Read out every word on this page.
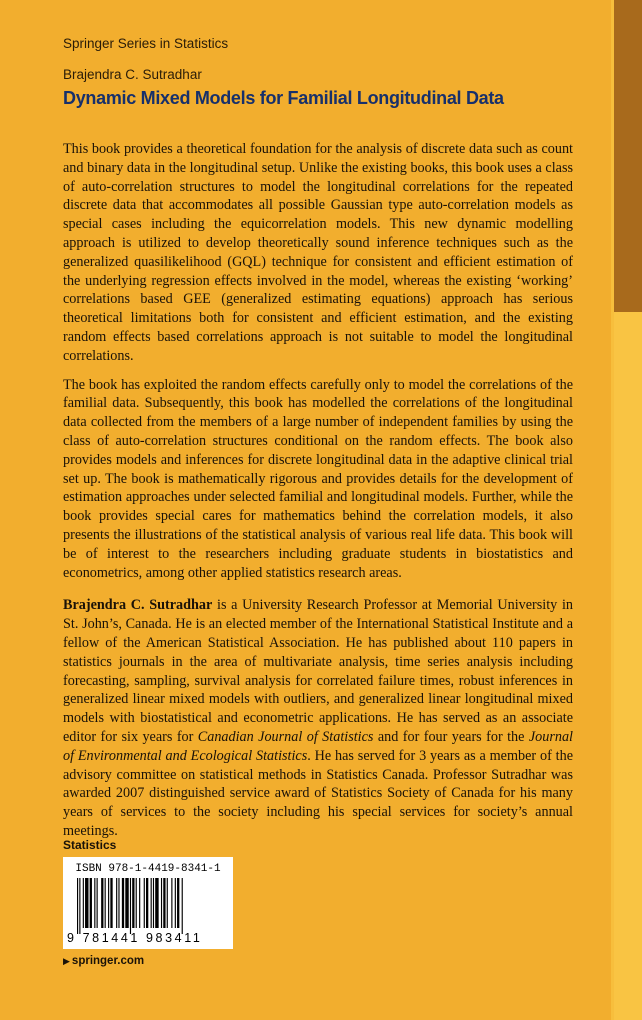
Springer Series in Statistics
Brajendra C. Sutradhar
Dynamic Mixed Models for Familial Longitudinal Data

This book provides a theoretical foundation for the analysis of discrete data such as count and binary data in the longitudinal setup. Unlike the existing books, this book uses a class of auto-correlation structures to model the longitudinal correlations for the repeated discrete data that accommodates all possible Gaussian type auto-correlation models as special cases including the equicorrelation models. This new dynamic modelling approach is utilized to develop theoretically sound inference techniques such as the generalized quasilikelihood (GQL) technique for consistent and efficient estimation of the underlying regression effects involved in the model, whereas the existing ‘working’ correlations based GEE (generalized estimating equations) approach has serious theoretical limitations both for consistent and efficient estimation, and the existing random effects based correlations approach is not suitable to model the longitudinal correlations.

The book has exploited the random effects carefully only to model the correlations of the familial data. Subsequently, this book has modelled the correlations of the longitudinal data collected from the members of a large number of independent families by using the class of auto-correlation structures conditional on the random effects. The book also provides models and inferences for discrete longitudinal data in the adaptive clinical trial set up. The book is mathematically rigorous and provides details for the development of estimation approaches under selected familial and longitudinal models. Further, while the book provides special cares for mathematics behind the correlation models, it also presents the illustrations of the statistical analysis of various real life data. This book will be of interest to the researchers including graduate students in biostatistics and econometrics, among other applied statistics research areas.

Brajendra C. Sutradhar is a University Research Professor at Memorial University in St. John’s, Canada. He is an elected member of the International Statistical Institute and a fellow of the American Statistical Association. He has published about 110 papers in statistics journals in the area of multivariate analysis, time series analysis including forecasting, sampling, survival analysis for correlated failure times, robust inferences in generalized linear mixed models with outliers, and generalized linear longitudinal mixed models with biostatistical and econometric applications. He has served as an associate editor for six years for Canadian Journal of Statistics and for four years for the Journal of Environmental and Ecological Statistics. He has served for 3 years as a member of the advisory committee on statistical methods in Statistics Canada. Professor Sutradhar was awarded 2007 distinguished service award of Statistics Society of Canada for his many years of services to the society including his special services for society’s annual meetings.

Statistics
ISBN 978-1-4419-8341-1
9 781441 983411
▶ springer.com
